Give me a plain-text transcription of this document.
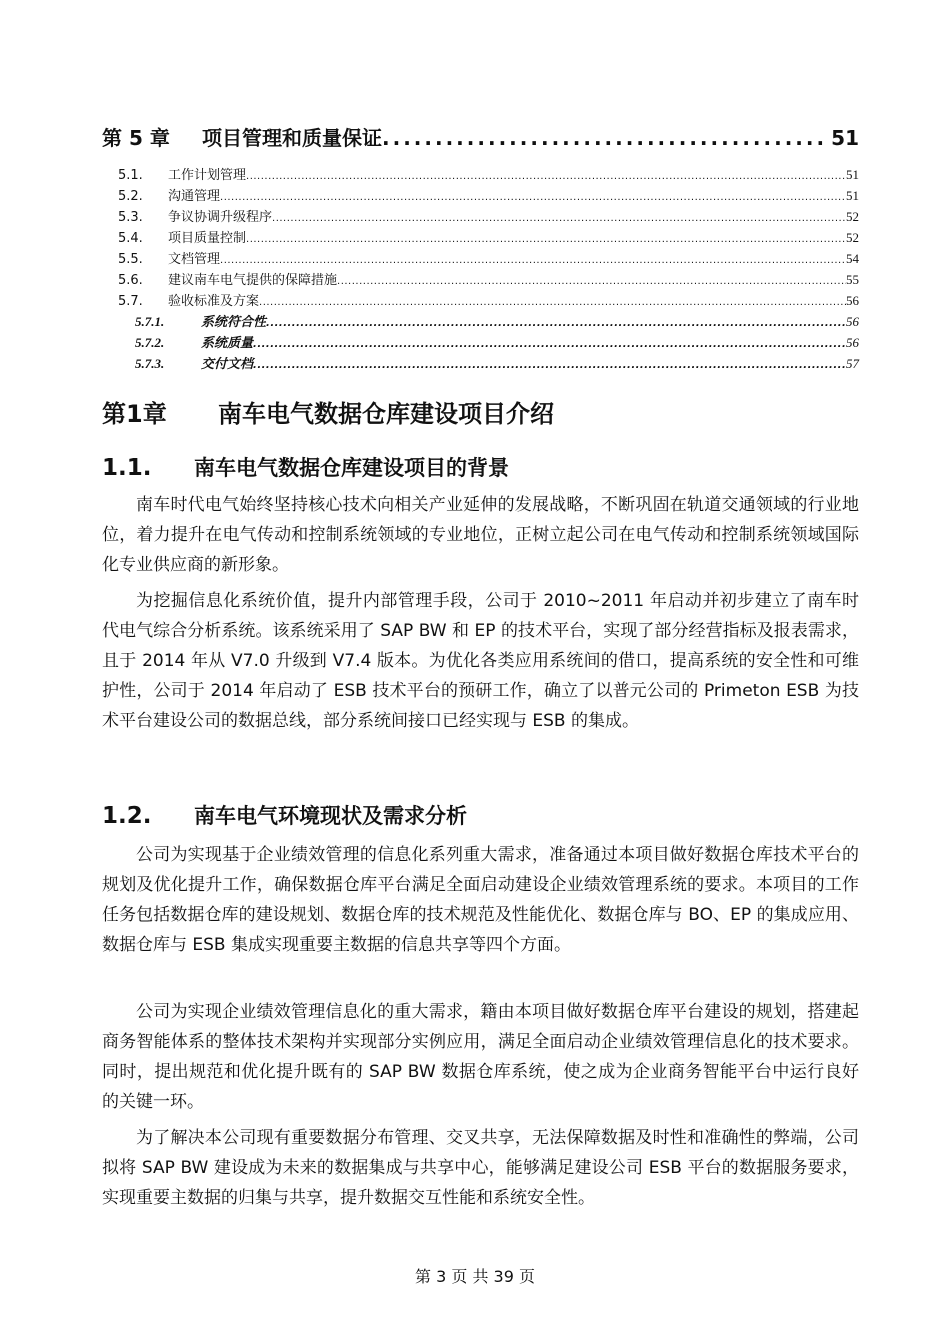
第 5 章	项目管理和质量保证 .....	51
5.1.	工作计划管理 .....	51
5.2.	沟通管理 .....	51
5.3.	争议协调升级程序 .....	52
5.4.	项目质量控制 .....	52
5.5.	文档管理 .....	54
5.6.	建议南车电气提供的保障措施 .....	55
5.7.	验收标准及方案 .....	56
5.7.1.	系统符合性 .....	56
5.7.2.	系统质量 .....	56
5.7.3.	交付文档 .....	57
第1章	南车电气数据仓库建设项目介绍
1.1.	南车电气数据仓库建设项目的背景

南车时代电气始终坚持核心技术向相关产业延伸的发展战略，不断巩固在轨道交通领域的行业地位，着力提升在电气传动和控制系统领域的专业地位，正树立起公司在电气传动和控制系统领域国际化专业供应商的新形象。

为挖掘信息化系统价值，提升内部管理手段，公司于 2010~2011 年启动并初步建立了南车时代电气综合分析系统。该系统采用了 SAP BW 和 EP 的技术平台，实现了部分经营指标及报表需求，且于 2014 年从 V7.0 升级到 V7.4 版本。为优化各类应用系统间的借口，提高系统的安全性和可维护性，公司于 2014 年启动了 ESB 技术平台的预研工作，确立了以普元公司的 Primeton ESB 为技术平台建设公司的数据总线，部分系统间接口已经实现与 ESB 的集成。

1.2.	南车电气环境现状及需求分析

公司为实现基于企业绩效管理的信息化系列重大需求，准备通过本项目做好数据仓库技术平台的规划及优化提升工作，确保数据仓库平台满足全面启动建设企业绩效管理系统的要求。本项目的工作任务包括数据仓库的建设规划、数据仓库的技术规范及性能优化、数据仓库与 BO、EP 的集成应用、数据仓库与 ESB 集成实现重要主数据的信息共享等四个方面。

公司为实现企业绩效管理信息化的重大需求，籍由本项目做好数据仓库平台建设的规划，搭建起商务智能体系的整体技术架构并实现部分实例应用，满足全面启动企业绩效管理信息化的技术要求。同时，提出规范和优化提升既有的 SAP BW 数据仓库系统，使之成为企业商务智能平台中运行良好的关键一环。

为了解决本公司现有重要数据分布管理、交叉共享，无法保障数据及时性和准确性的弊端，公司拟将 SAP BW 建设成为未来的数据集成与共享中心，能够满足建设公司 ESB 平台的数据服务要求，实现重要主数据的归集与共享，提升数据交互性能和系统安全性。

第 3 页 共 39 页
